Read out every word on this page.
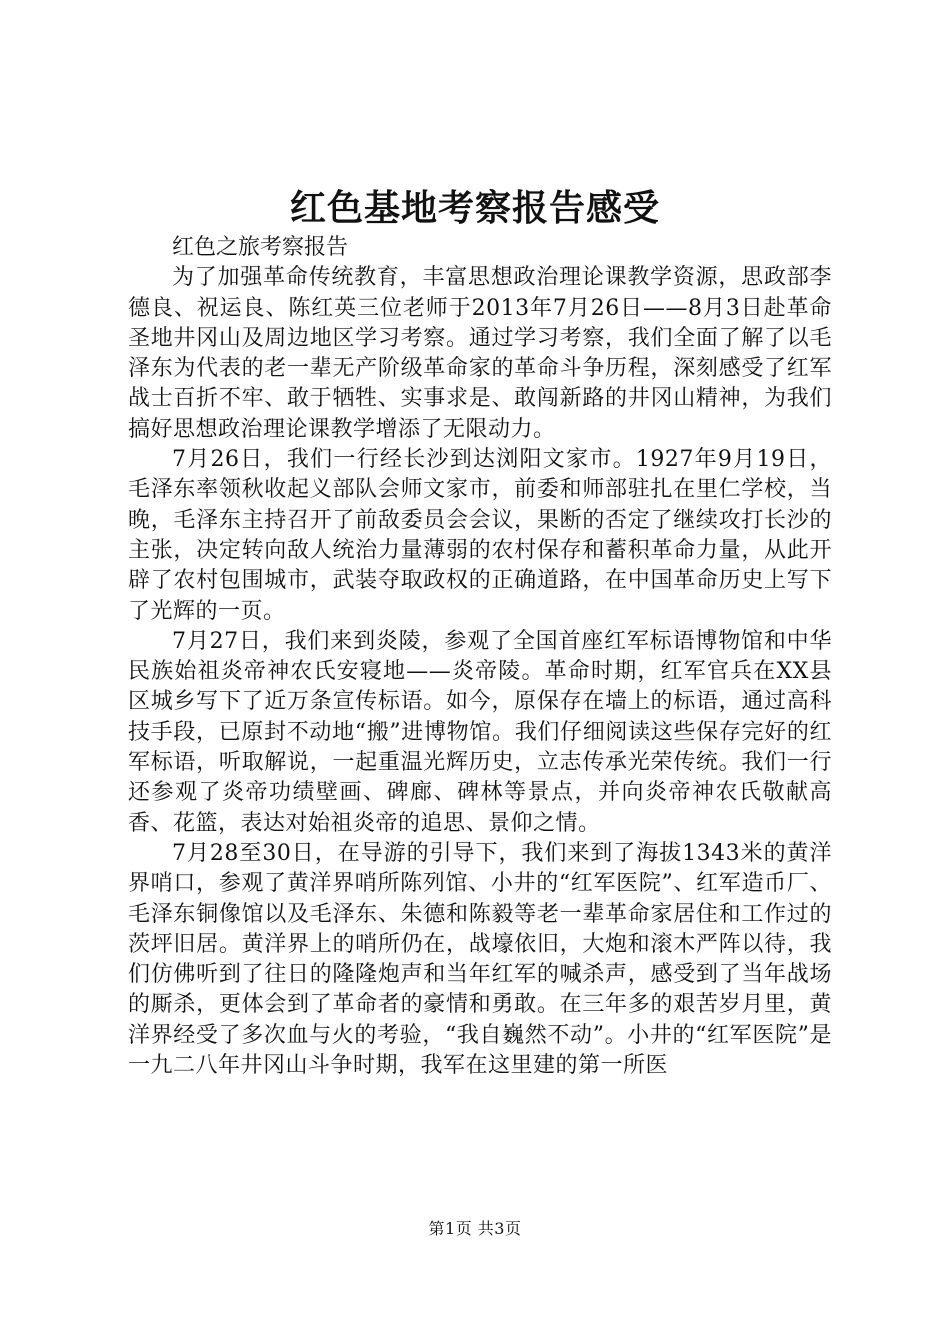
红色基地考察报告感受

红色之旅考察报告

为了加强革命传统教育，丰富思想政治理论课教学资源，思政部李德良、祝运良、陈红英三位老师于2013年7月26日——8月3日赴革命圣地井冈山及周边地区学习考察。通过学习考察，我们全面了解了以毛泽东为代表的老一辈无产阶级革命家的革命斗争历程，深刻感受了红军战士百折不牢、敢于牺牲、实事求是、敢闯新路的井冈山精神，为我们搞好思想政治理论课教学增添了无限动力。

7月26日，我们一行经长沙到达浏阳文家市。1927年9月19日，毛泽东率领秋收起义部队会师文家市，前委和师部驻扎在里仁学校，当晚，毛泽东主持召开了前敌委员会会议，果断的否定了继续攻打长沙的主张，决定转向敌人统治力量薄弱的农村保存和蓄积革命力量，从此开辟了农村包围城市，武装夺取政权的正确道路，在中国革命历史上写下了光辉的一页。

7月27日，我们来到炎陵，参观了全国首座红军标语博物馆和中华民族始祖炎帝神农氏安寝地——炎帝陵。革命时期，红军官兵在XX县区城乡写下了近万条宣传标语。如今，原保存在墙上的标语，通过高科技手段，已原封不动地“搬”进博物馆。我们仔细阅读这些保存完好的红军标语，听取解说，一起重温光辉历史，立志传承光荣传统。我们一行还参观了炎帝功绩壁画、碑廊、碑林等景点，并向炎帝神农氏敬献高香、花篮，表达对始祖炎帝的追思、景仰之情。

7月28至30日，在导游的引导下，我们来到了海拔1343米的黄洋界哨口，参观了黄洋界哨所陈列馆、小井的“红军医院”、红军造币厂、毛泽东铜像馆以及毛泽东、朱德和陈毅等老一辈革命家居住和工作过的茨坪旧居。黄洋界上的哨所仍在，战壕依旧，大炮和滚木严阵以待，我们仿佛听到了往日的隆隆炮声和当年红军的喊杀声，感受到了当年战场的厮杀，更体会到了革命者的豪情和勇敢。在三年多的艰苦岁月里，黄洋界经受了多次血与火的考验，“我自巍然不动”。小井的“红军医院”是一九二八年井冈山斗争时期，我军在这里建的第一所医

第1页 共3页
